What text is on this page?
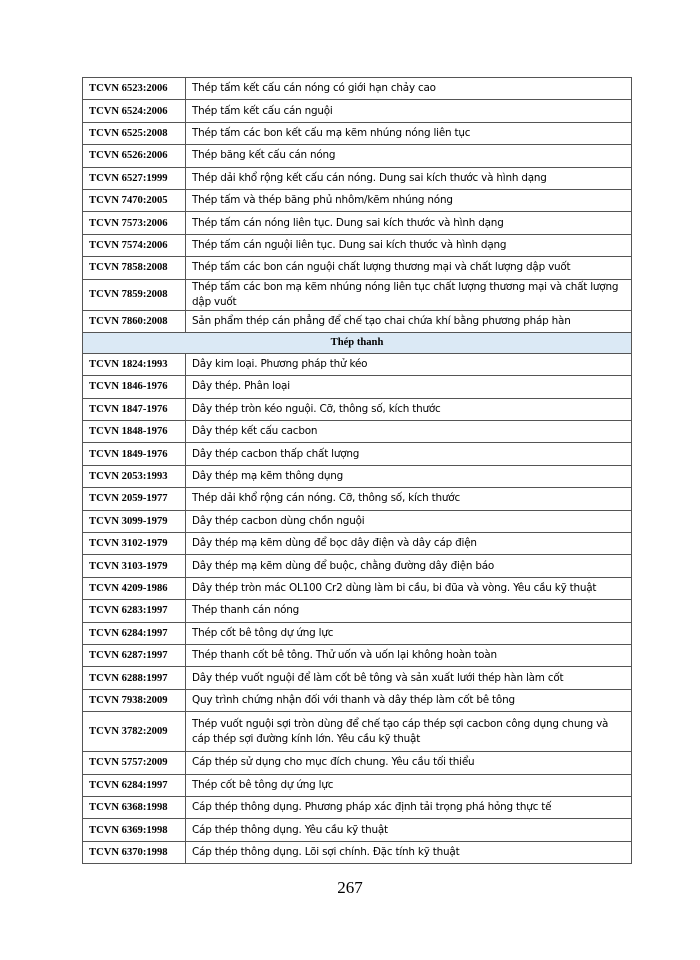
TCVN 6523:2006	Thép tấm kết cấu cán nóng có giới hạn chảy cao
TCVN 6524:2006	Thép tấm kết cấu cán nguội
TCVN 6525:2008	Thép tấm các bon kết cấu mạ kẽm nhúng nóng liên tục
TCVN 6526:2006	Thép băng kết cấu cán nóng
TCVN 6527:1999	Thép dải khổ rộng kết cấu cán nóng. Dung sai kích thước và hình dạng
TCVN 7470:2005	Thép tấm và thép băng phủ nhôm/kẽm nhúng nóng
TCVN 7573:2006	Thép tấm cán nóng liên tục. Dung sai kích thước và hình dạng
TCVN 7574:2006	Thép tấm cán nguội liên tục. Dung sai kích thước và hình dạng
TCVN 7858:2008	Thép tấm các bon cán nguội chất lượng thương mại và chất lượng dập vuốt
TCVN 7859:2008	Thép tấm các bon mạ kẽm nhúng nóng liên tục chất lượng thương mại và chất lượng dập vuốt
TCVN 7860:2008	Sản phẩm thép cán phẳng để chế tạo chai chứa khí bằng phương pháp hàn
Thép thanh	
TCVN 1824:1993	Dây kim loại. Phương pháp thử kéo
TCVN 1846-1976	Dây thép. Phân loại
TCVN 1847-1976	Dây thép tròn kéo nguội. Cỡ, thông số, kích thước
TCVN 1848-1976	Dây thép kết cấu cacbon
TCVN 1849-1976	Dây thép cacbon thấp chất lượng
TCVN 2053:1993	Dây thép mạ kẽm thông dụng
TCVN 2059-1977	Thép dải khổ rộng cán nóng. Cỡ, thông số, kích thước
TCVN 3099-1979	Dây thép cacbon dùng chồn nguội
TCVN 3102-1979	Dây thép mạ kẽm dùng để bọc dây điện và dây cáp điện
TCVN 3103-1979	Dây thép mạ kẽm dùng để buộc, chằng đường dây điện báo
TCVN 4209-1986	Dây thép tròn mác OL100 Cr2 dùng làm bi cầu, bi đũa và vòng. Yêu cầu kỹ thuật
TCVN 6283:1997	Thép thanh cán nóng
TCVN 6284:1997	Thép cốt bê tông dự ứng lực
TCVN 6287:1997	Thép thanh cốt bê tông. Thử uốn và uốn lại không hoàn toàn
TCVN 6288:1997	Dây thép vuốt nguội để làm cốt bê tông và sản xuất lưới thép hàn làm cốt
TCVN 7938:2009	Quy trình chứng nhận đối với thanh và dây thép làm cốt bê tông
TCVN 3782:2009	Thép vuốt nguội sợi tròn dùng để chế tạo cáp thép sợi cacbon công dụng chung và cáp thép sợi đường kính lớn. Yêu cầu kỹ thuật
TCVN 5757:2009	Cáp thép sử dụng cho mục đích chung. Yêu cầu tối thiểu
TCVN 6284:1997	Thép cốt bê tông dự ứng lực
TCVN 6368:1998	Cáp thép thông dụng. Phương pháp xác định tải trọng phá hỏng thực tế
TCVN 6369:1998	Cáp thép thông dụng. Yêu cầu kỹ thuật
TCVN 6370:1998	Cáp thép thông dụng. Lõi sợi chính. Đặc tính kỹ thuật
267
